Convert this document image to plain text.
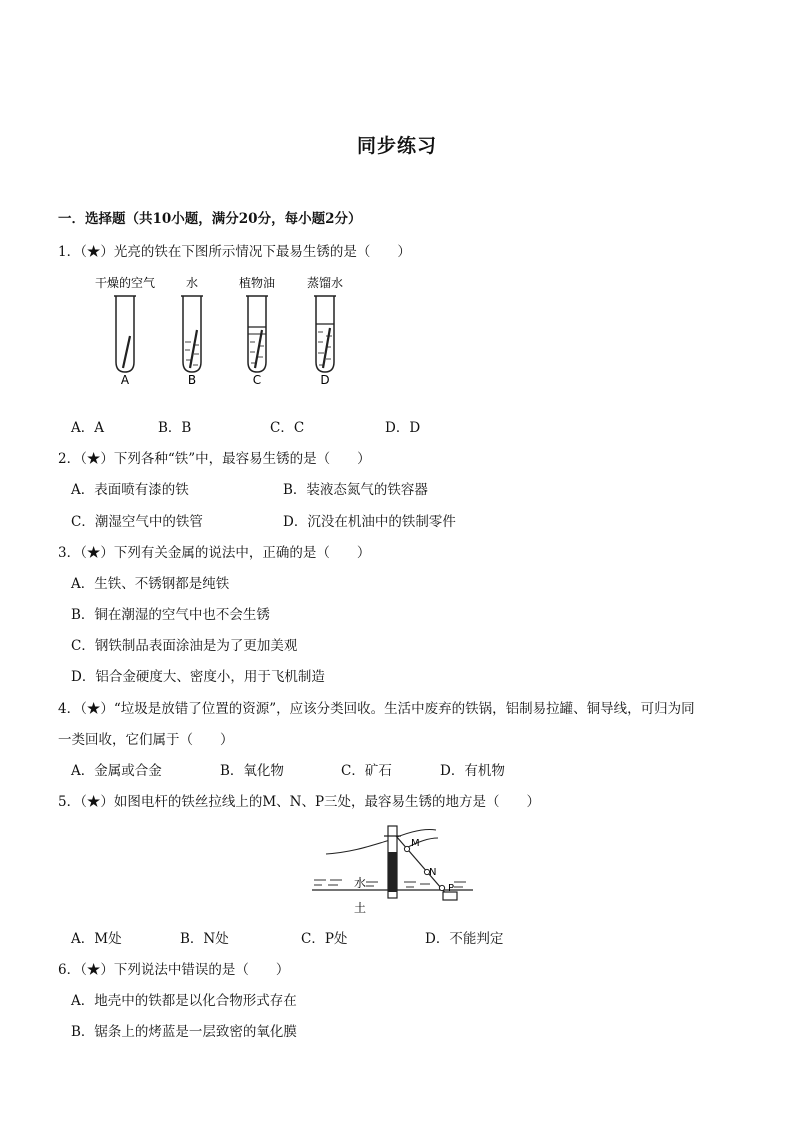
同步练习
一．选择题（共10小题，满分20分，每小题2分）
1．（★）光亮的铁在下图所示情况下最易生锈的是（　　）
干燥的空气	水	植物油	蒸馏水
A	B	C	D
A．A	B．B	C．C	D．D
2．（★）下列各种“铁”中，最容易生锈的是（　　）
A．表面喷有漆的铁	B．装液态氮气的铁容器
C．潮湿空气中的铁管	D．沉没在机油中的铁制零件
3．（★）下列有关金属的说法中，正确的是（　　）
A．生铁、不锈钢都是纯铁
B．铜在潮湿的空气中也不会生锈
C．钢铁制品表面涂油是为了更加美观
D．铝合金硬度大、密度小，用于飞机制造
4．（★）“垃圾是放错了位置的资源”，应该分类回收。生活中废弃的铁锅，铝制易拉罐、铜导线，可归为同
一类回收，它们属于（　　）
A．金属或合金	B．氧化物	C．矿石	D．有机物
5．（★）如图电杆的铁丝拉线上的M、N、P三处，最容易生锈的地方是（　　）
M
N
P
水
土
A．M处	B．N处	C．P处	D．不能判定
6．（★）下列说法中错误的是（　　）
A．地壳中的铁都是以化合物形式存在
B．锯条上的烤蓝是一层致密的氧化膜
